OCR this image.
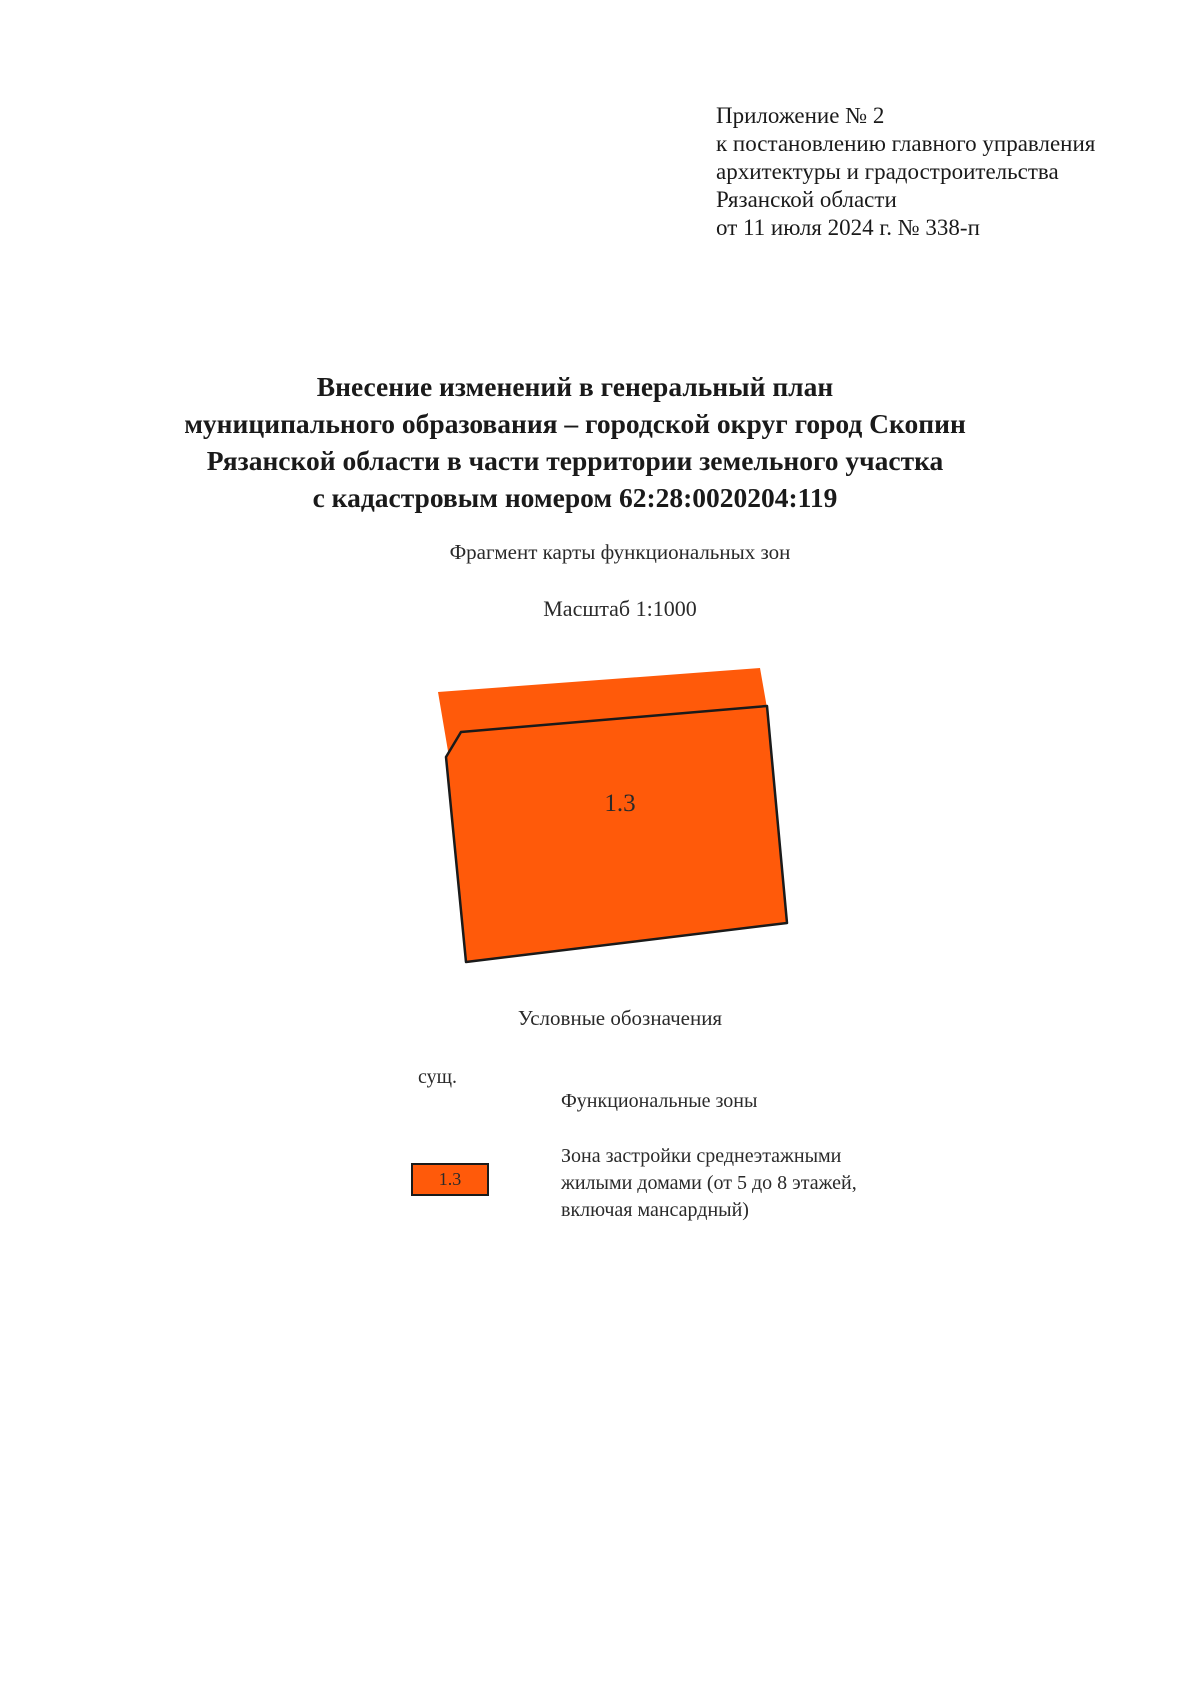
Приложение № 2
к постановлению главного управления
архитектуры и градостроительства
Рязанской области
от 11 июля 2024 г. № 338-п
Внесение изменений в генеральный план
муниципального образования – городской округ город Скопин
Рязанской области в части территории земельного участка
с кадастровым номером 62:28:0020204:119
Фрагмент карты функциональных зон
Масштаб 1:1000
1.3
Условные обозначения
сущ.
Функциональные зоны
1.3
Зона застройки среднеэтажными
жилыми домами (от 5 до 8 этажей,
включая мансардный)
